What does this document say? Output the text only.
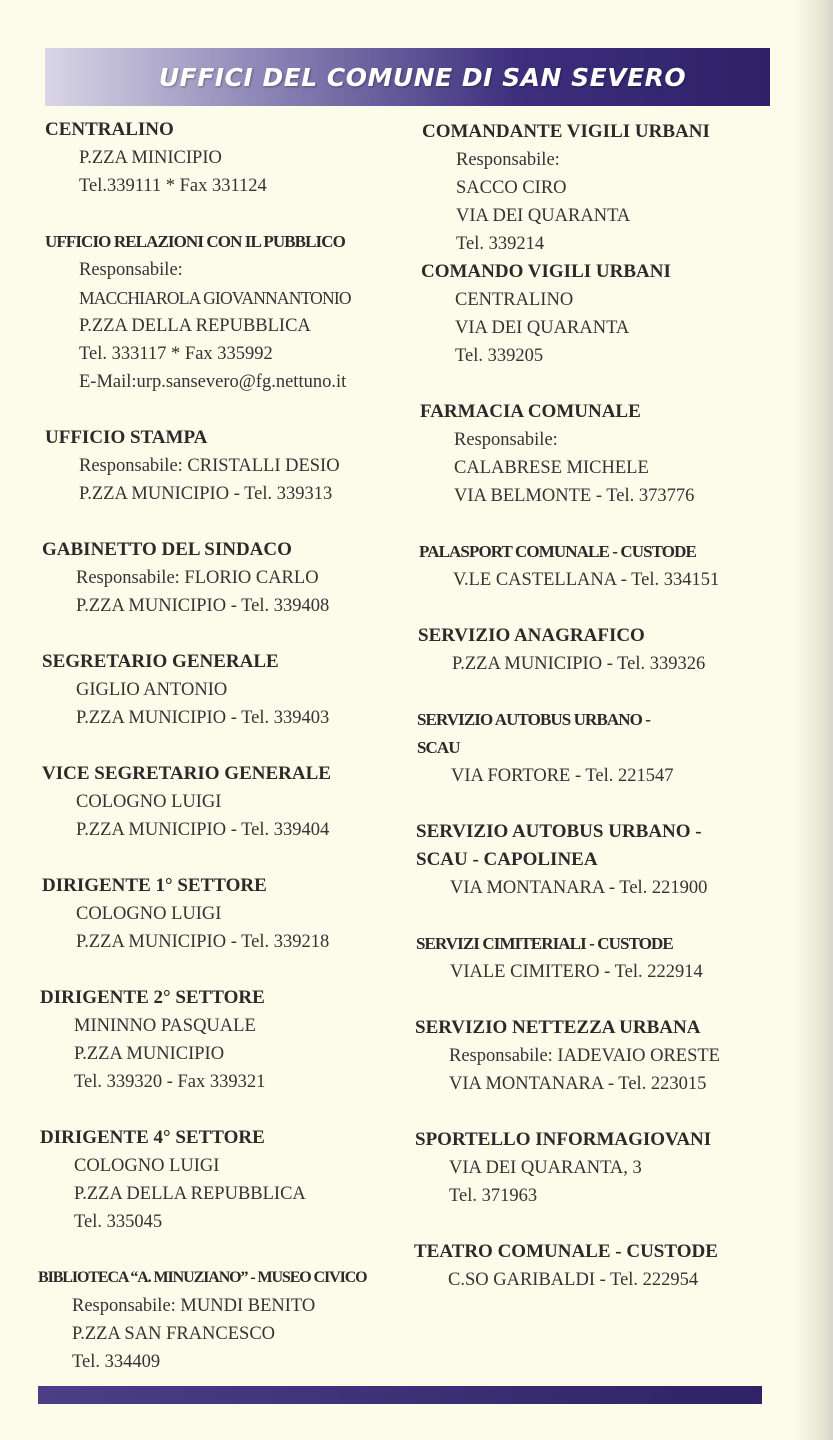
UFFICI DEL COMUNE DI SAN SEVERO
CENTRALINO
P.ZZA MINICIPIO
Tel.339111 * Fax 331124
UFFICIO RELAZIONI CON IL PUBBLICO
Responsabile:
MACCHIAROLA GIOVANNANTONIO
P.ZZA DELLA REPUBBLICA
Tel. 333117 * Fax 335992
E-Mail:urp.sansevero@fg.nettuno.it
UFFICIO STAMPA
Responsabile: CRISTALLI DESIO
P.ZZA MUNICIPIO - Tel. 339313
GABINETTO DEL SINDACO
Responsabile: FLORIO CARLO
P.ZZA MUNICIPIO - Tel. 339408
SEGRETARIO GENERALE
GIGLIO ANTONIO
P.ZZA MUNICIPIO - Tel. 339403
VICE SEGRETARIO GENERALE
COLOGNO LUIGI
P.ZZA MUNICIPIO - Tel. 339404
DIRIGENTE 1° SETTORE
COLOGNO LUIGI
P.ZZA MUNICIPIO - Tel. 339218
DIRIGENTE 2° SETTORE
MININNO PASQUALE
P.ZZA MUNICIPIO
Tel. 339320 - Fax 339321
DIRIGENTE 4° SETTORE
COLOGNO LUIGI
P.ZZA DELLA REPUBBLICA
Tel. 335045
BIBLIOTECA “A. MINUZIANO” - MUSEO CIVICO
Responsabile: MUNDI BENITO
P.ZZA SAN FRANCESCO
Tel. 334409
COMANDANTE VIGILI URBANI
Responsabile:
SACCO CIRO
VIA DEI QUARANTA
Tel. 339214
COMANDO VIGILI URBANI
CENTRALINO
VIA DEI QUARANTA
Tel. 339205
FARMACIA COMUNALE
Responsabile:
CALABRESE MICHELE
VIA BELMONTE - Tel. 373776
PALASPORT COMUNALE - CUSTODE
V.LE CASTELLANA - Tel. 334151
SERVIZIO ANAGRAFICO
P.ZZA MUNICIPIO - Tel. 339326
SERVIZIO AUTOBUS URBANO -
SCAU
VIA FORTORE - Tel. 221547
SERVIZIO AUTOBUS URBANO -
SCAU - CAPOLINEA
VIA MONTANARA - Tel. 221900
SERVIZI CIMITERIALI - CUSTODE
VIALE CIMITERO - Tel. 222914
SERVIZIO NETTEZZA URBANA
Responsabile: IADEVAIO ORESTE
VIA MONTANARA - Tel. 223015
SPORTELLO INFORMAGIOVANI
VIA DEI QUARANTA, 3
Tel. 371963
TEATRO COMUNALE - CUSTODE
C.SO GARIBALDI - Tel. 222954
